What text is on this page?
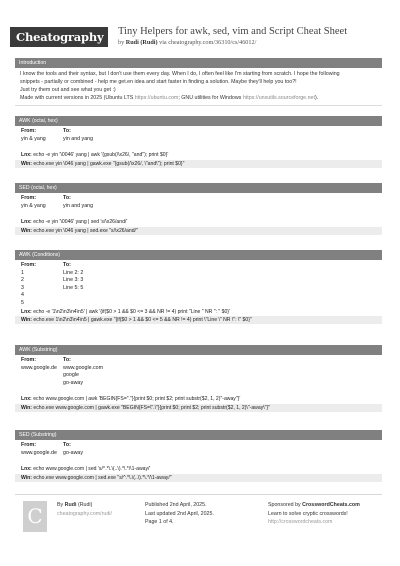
Cheatography	Tiny Helpers for awk, sed, vim and Script Cheat Sheet
by Rudi (Rudi) via cheatography.com/36310/cs/46012/
Introduction

I know the tools and their syntax, but I don't use them every day. When I do, I often feel like I'm starting from scratch. I hope the following

snippets - partially or combined - help me get.en idea and start faster in finding a solution. Maybe they'll help you too?!

Just try them out and see what you get :)

Made with current versions in 2025 (Ubuntu LTS https://ubuntu.com; GNU utilities for Windows https://unxutils.sourceforge.net).

AWK (octal, hex)
From:	To:
yin & yang	yin and yang
Lnx: echo -e yin '\0046' yang | awk '{gsub(/\x26/, "and"); print $0}'
Win: echo.exe yin \046 yang | gawk.exe "{gsub(/\x26/, \"and\"); print $0}"
SED (octal, hex)
From:	To:
yin & yang	yin and yang
Lnx: echo -e yin '\0046' yang | sed 's/\x26/and/'
Win: echo.exe yin \046 yang | sed.exe "s/\x26/and/"
AWK (Conditions)
From:	To:
1	Line 2: 2
2	Line 3: 3
3	Line 5: 5
4
5
Lnx: echo -e '1\n2\n3\n4\n5' | awk '{if($0 > 1 && $0 <= 3 && NR != 4) print "Line " NR ": " $0}'
Win: echo.exe 1\n2\n3\n4\n5 | gawk.exe "{if($0 > 1 && $0 <= 5 && NR != 4) print \"Line \" NR \": \" $0}"
AWK (Substring)
From:	To:
www.google.de	www.google.com
google
go-away
Lnx: echo www.google.com | awk 'BEGIN{FS="."}{print $0; print $2; print substr($2, 1, 2)"-away"}'
Win: echo.exe www.google.com | gawk.exe "BEGIN{FS=\".\"}{print $0; print $2; print substr($2, 1, 2)\"-away\"}"
SED (Substring)
From:	To:
www.google.de	go-away
Lnx: echo www.google.com | sed 's/^.*\.\(..\).*\.*/\1-away/'
Win: echo.exe www.google.com | sed.exe "s/^.*\.\(..\).*\.*/\1-away/"
C	By Rudi (Rudi)
cheatography.com/rudi/
Published 2nd April, 2025.
Last updated 2nd April, 2025.
Page 1 of 4.
Sponsored by CrosswordCheats.com
Learn to solve cryptic crosswords!
http://crosswordcheats.com
